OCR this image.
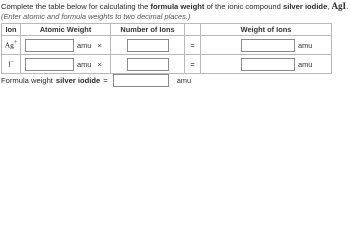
Complete the table below for calculating the formula weight of the ionic compound silver iodide, AgI.
(Enter atomic and formula weights to two decimal places.)
Ion	Atomic Weight	Number of Ions		Weight of Ions
Ag+	amu ×		=	amu
I−	amu ×		=	amu
Formula weight silver iodide =	amu
